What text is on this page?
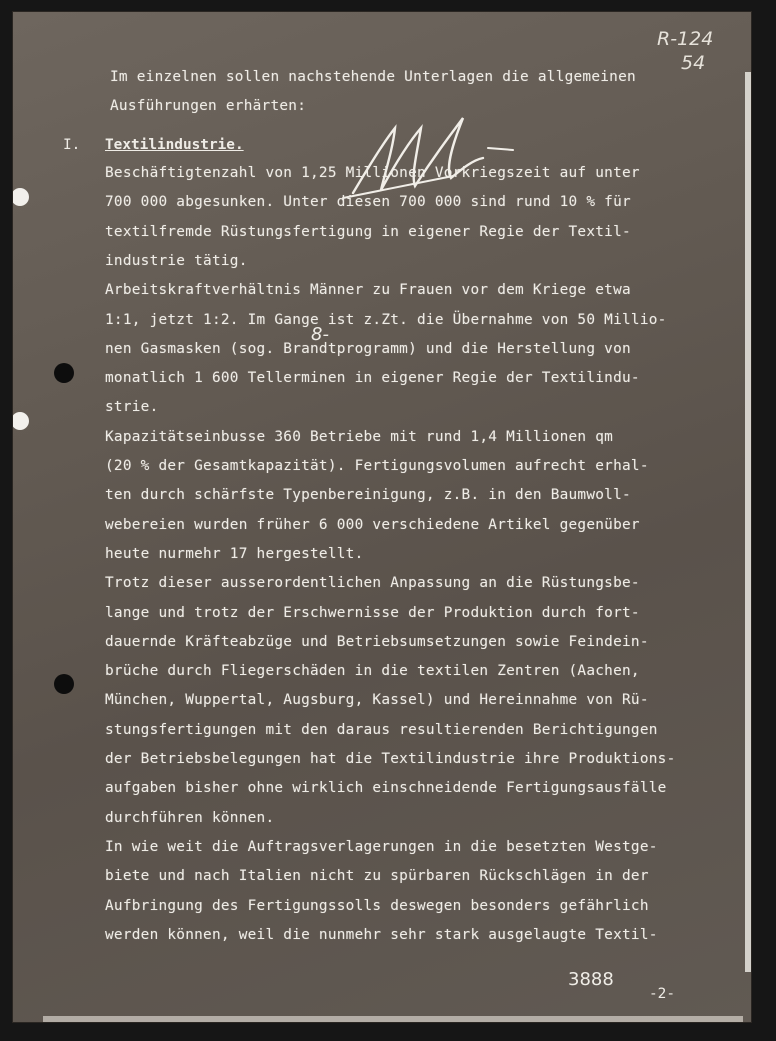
R-124
54
Im einzelnen sollen nachstehende Unterlagen die allgemeinen
Ausführungen erhärten:
I. Textilindustrie.
Beschäftigtenzahl von 1,25 Millionen Vorkriegszeit auf unter
700 000 abgesunken. Unter diesen 700 000 sind rund 10 % für
textilfremde Rüstungsfertigung in eigener Regie der Textil-
industrie tätig.
Arbeitskraftverhältnis Männer zu Frauen vor dem Kriege etwa
1:1, jetzt 1:2. Im Gange ist z.Zt. die Übernahme von 50 Millio-
nen Gasmasken (sog. Brandtprogramm) und die Herstellung von
monatlich 1 600 Tellerminen in eigener Regie der Textilindu-
strie.
Kapazitätseinbusse 360 Betriebe mit rund 1,4 Millionen qm
(20 % der Gesamtkapazität). Fertigungsvolumen aufrecht erhal-
ten durch schärfste Typenbereinigung, z.B. in den Baumwoll-
webereien wurden früher 6 000 verschiedene Artikel gegenüber
heute nurmehr 17 hergestellt.
Trotz dieser ausserordentlichen Anpassung an die Rüstungsbe-
lange und trotz der Erschwernisse der Produktion durch fort-
dauernde Kräfteabzüge und Betriebsumsetzungen sowie Feindein-
brüche durch Fliegerschäden in die textilen Zentren (Aachen,
München, Wuppertal, Augsburg, Kassel) und Hereinnahme von Rü-
stungsfertigungen mit den daraus resultierenden Berichtigungen
der Betriebsbelegungen hat die Textilindustrie ihre Produktions-
aufgaben bisher ohne wirklich einschneidende Fertigungsausfälle
durchführen können.
In wie weit die Auftragsverlagerungen in die besetzten Westge-
biete und nach Italien nicht zu spürbaren Rückschlägen in der
Aufbringung des Fertigungssolls deswegen besonders gefährlich
werden können, weil die nunmehr sehr stark ausgelaugte Textil-
8-
3888
-2-
